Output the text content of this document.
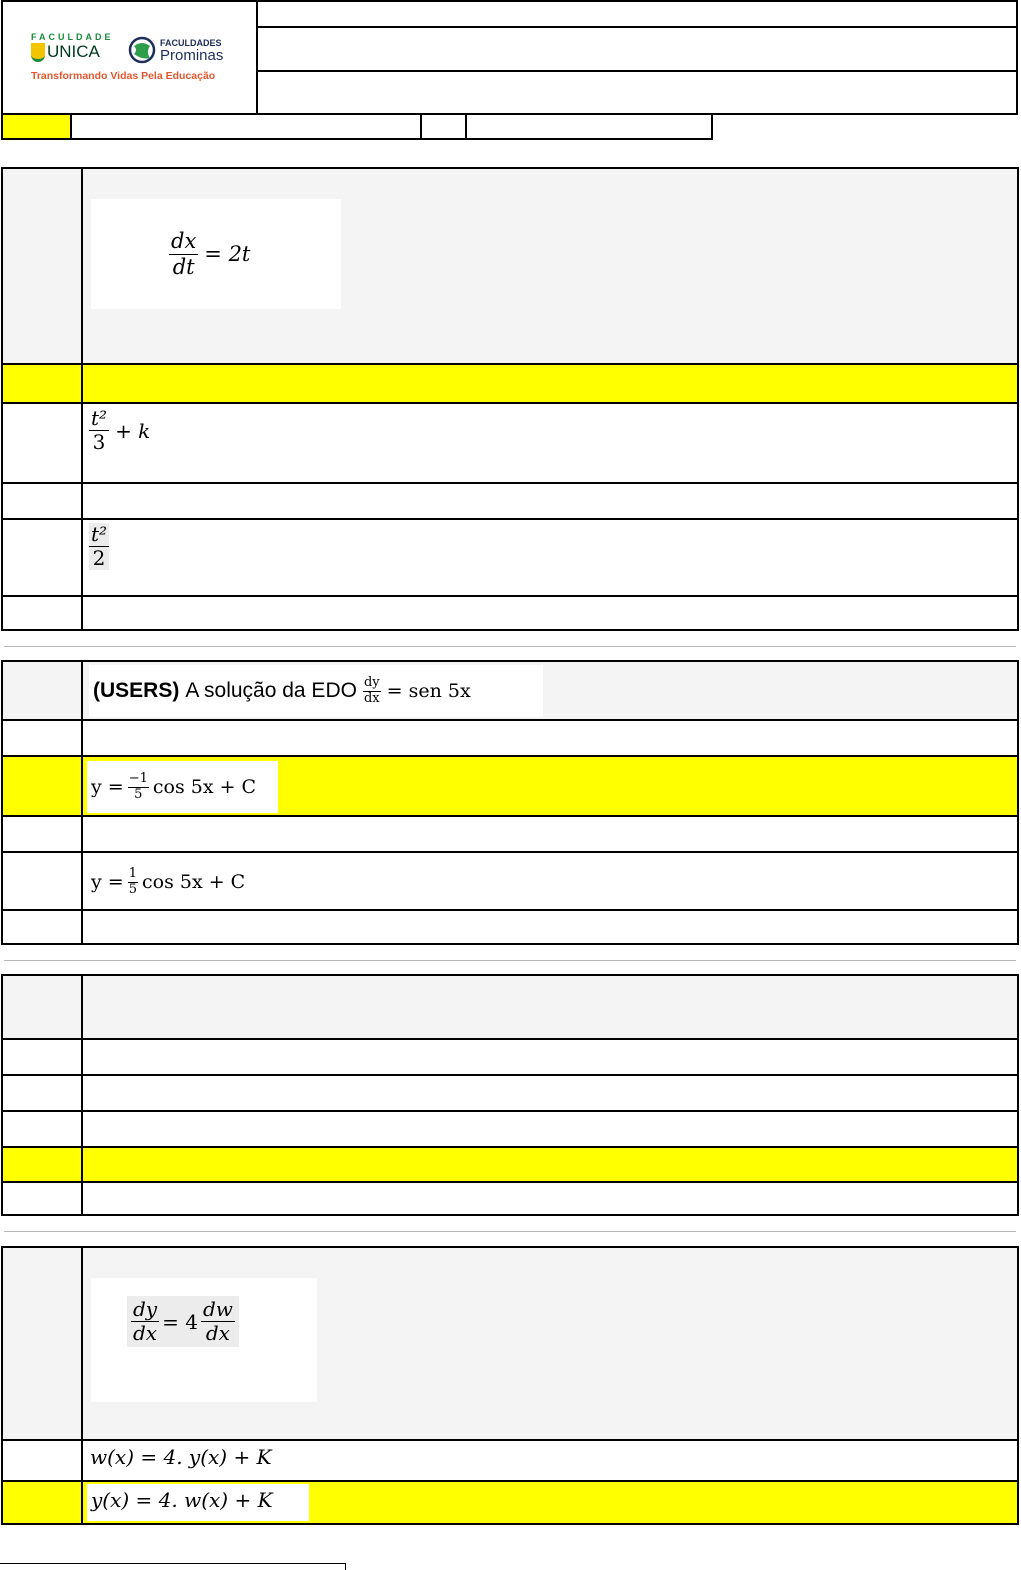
FACULDADE
UNICA	FACULDADES
Prominas
Transformando Vidas Pela Educação
$\frac{dx}{dt} = 2t$
$\frac{\text{t²}}{3} + k$
$\frac{\text{t²}}{2}$
(USERS) A solução da EDO $\frac{dy}{dx}$ = sen 5x
$y = \frac{-1}{5}$ cos 5x + C
$y = \frac{1}{5}$ cos 5x + C
$\frac{dy}{dx} = 4 \frac{dw}{dx}$
w(x) = 4. y(x) + K
y(x) = 4. w(x) + K
